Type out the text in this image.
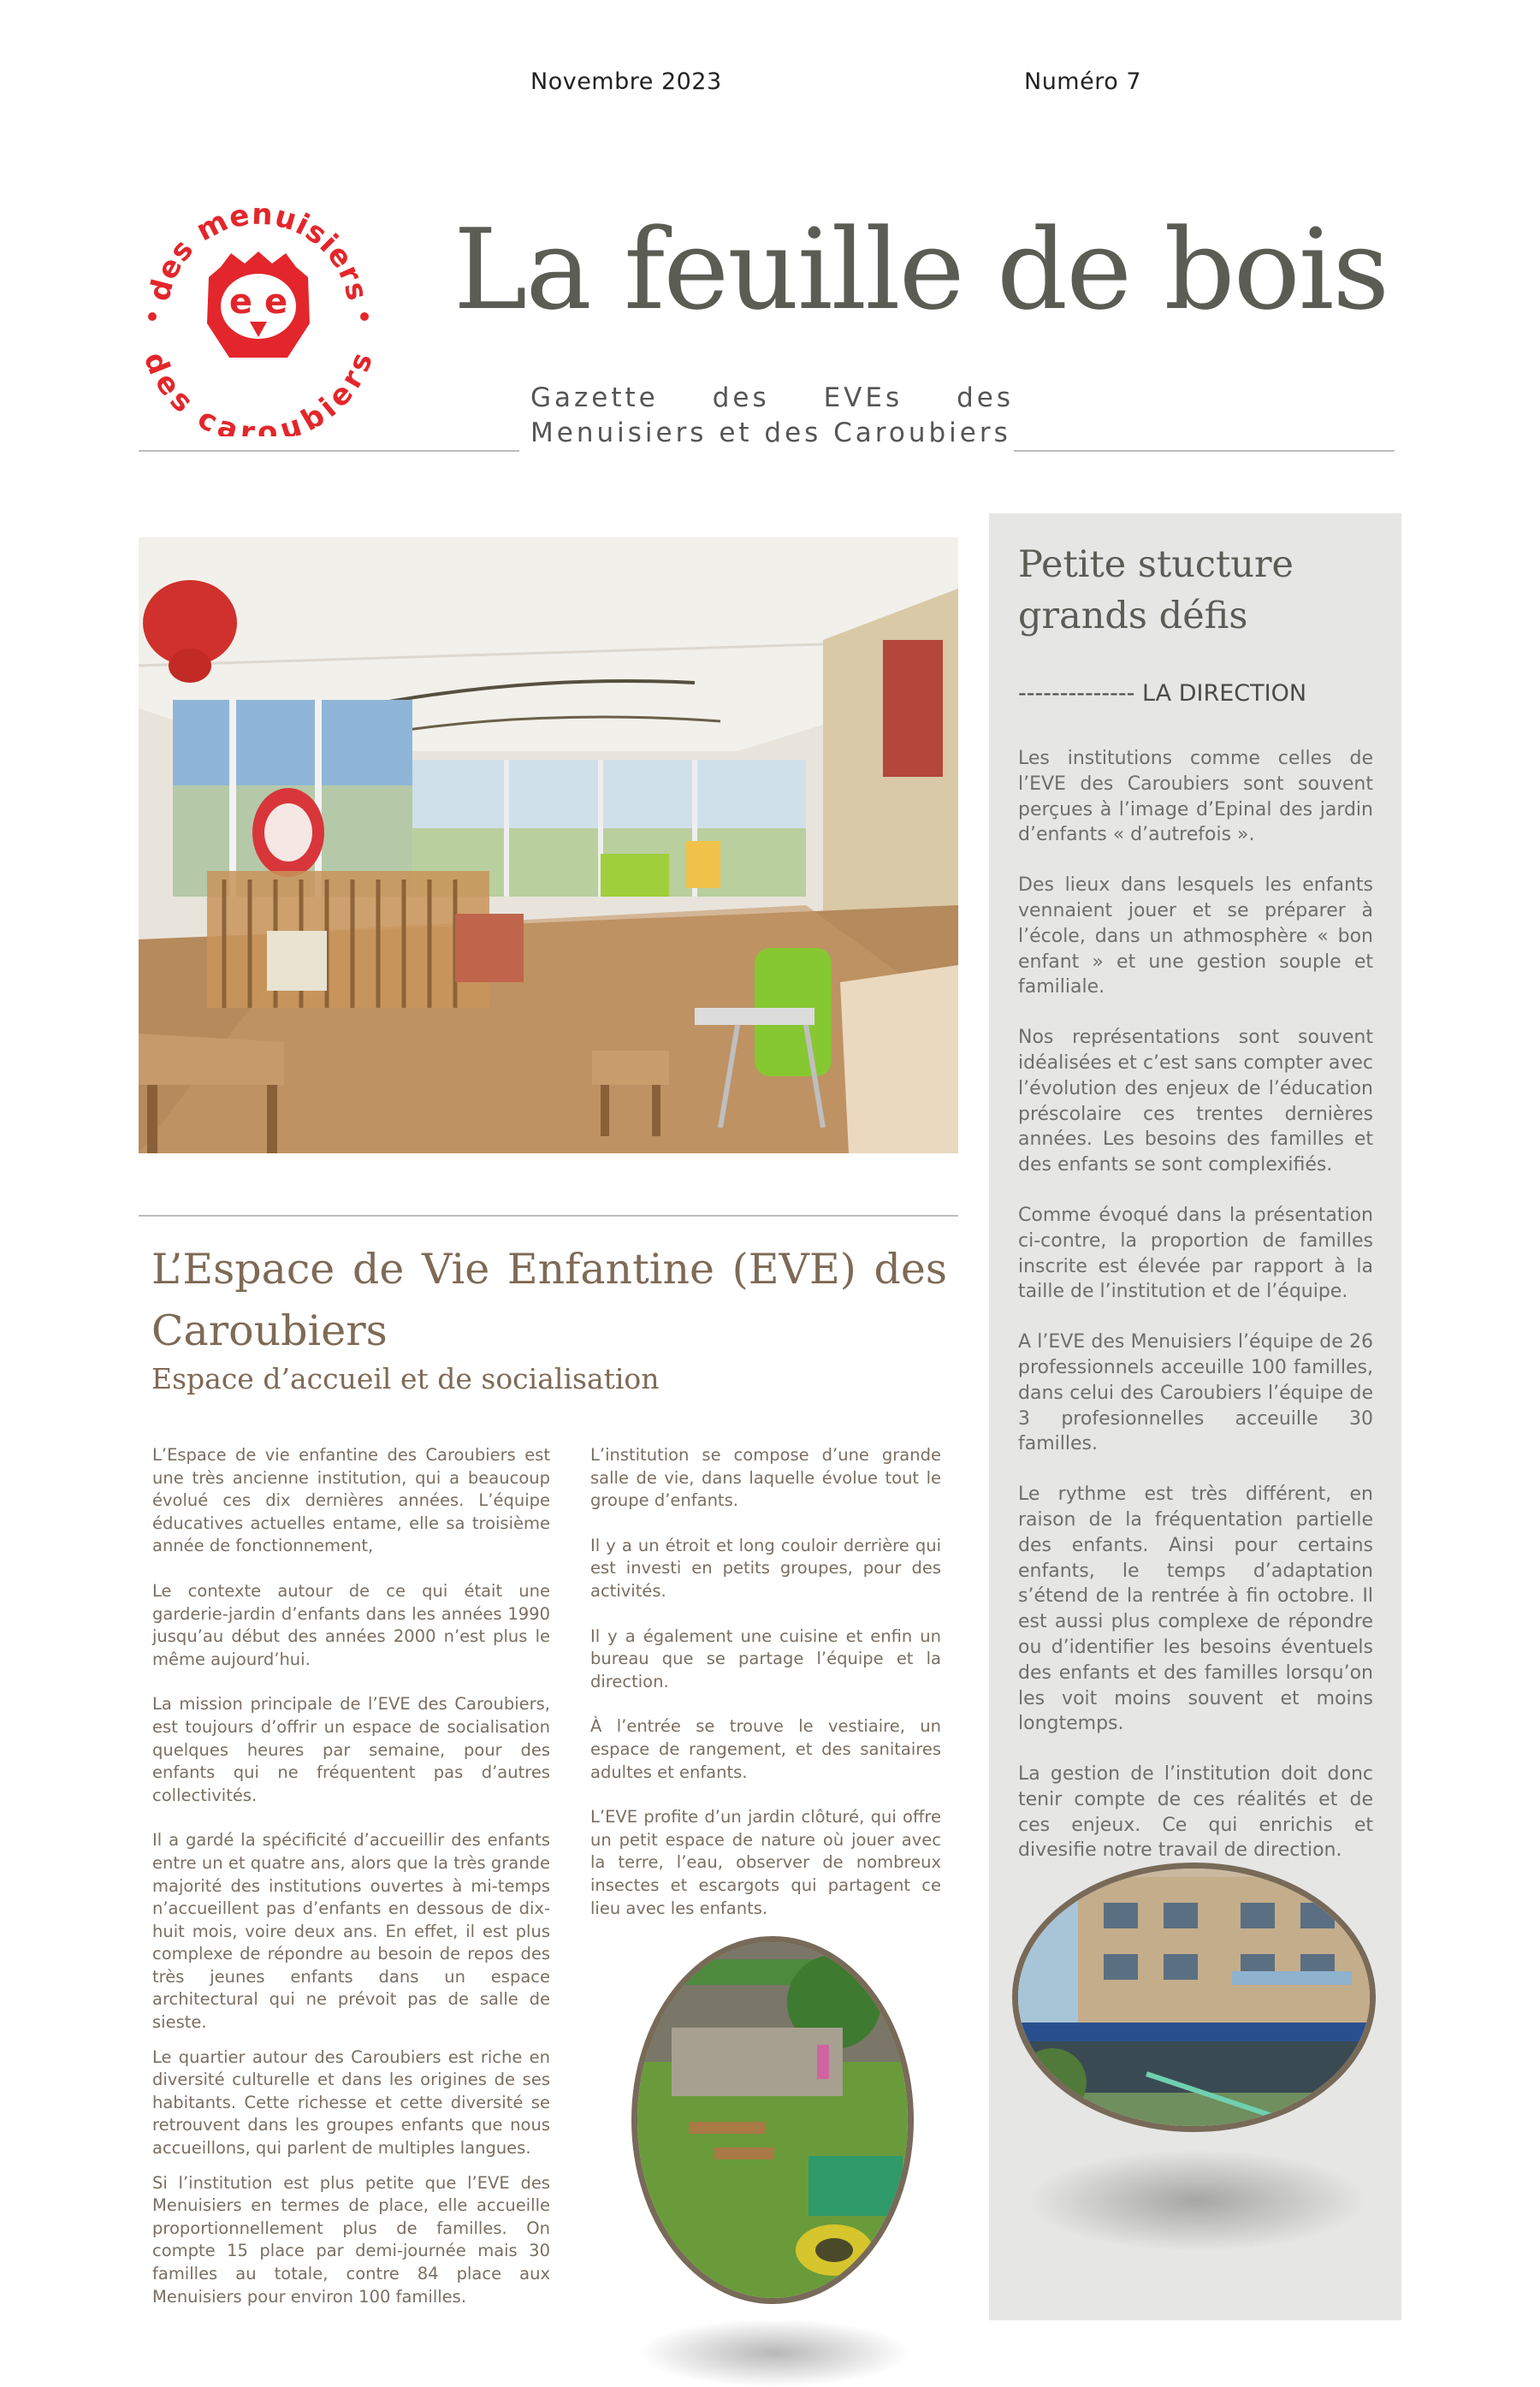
Novembre 2023	Numéro 7
des menuisiers
es caroubier
e e La feuille de bois
Gazette des EVEs des
Menuisiers et des Caroubiers
L’Espace de Vie Enfantine (EVE) des Caroubiers
Espace d’accueil et de socialisation

L’Espace de vie enfantine des Caroubiers est une très ancienne institution, qui a beaucoup évolué ces dix dernières années. L’équipe éducatives actuelles entame, elle sa troisième année de fonctionnement,

Le contexte autour de ce qui était une garderie-jardin d’enfants dans les années 1990 jusqu’au début des années 2000 n’est plus le même aujourd’hui.

La mission principale de l’EVE des Caroubiers, est toujours d’offrir un espace de socialisation quelques heures par semaine, pour des enfants qui ne fréquentent pas d’autres collectivités.

Il a gardé la spécificité d’accueillir des enfants entre un et quatre ans, alors que la très grande majorité des institutions ouvertes à mi-temps n’accueillent pas d’enfants en dessous de dix-huit mois, voire deux ans. En effet, il est plus complexe de répondre au besoin de repos des très jeunes enfants dans un espace architectural qui ne prévoit pas de salle de sieste.

Le quartier autour des Caroubiers est riche en diversité culturelle et dans les origines de ses habitants. Cette richesse et cette diversité se retrouvent dans les groupes enfants que nous accueillons, qui parlent de multiples langues.

Si l’institution est plus petite que l’EVE des Menuisiers en termes de place, elle accueille proportionnellement plus de familles. On compte 15 place par demi-journée mais 30 familles au totale, contre 84 place aux Menuisiers pour environ 100 familles.

L’institution se compose d’une grande salle de vie, dans laquelle évolue tout le groupe d’enfants.

Il y a un étroit et long couloir derrière qui est investi en petits groupes, pour des activités.

Il y a également une cuisine et enfin un bureau que se partage l’équipe et la direction.

À l’entrée se trouve le vestiaire, un espace de rangement, et des sanitaires adultes et enfants.

L’EVE profite d’un jardin clôturé, qui offre un petit espace de nature où jouer avec la terre, l’eau, observer de nombreux insectes et escargots qui partagent ce lieu avec les enfants.

Petite stucture grands défis
-------------- LA DIRECTION

Les institutions comme celles de l’EVE des Caroubiers sont souvent perçues à l’image d’Epinal des jardin d’enfants « d’autrefois ».

Des lieux dans lesquels les enfants vennaient jouer et se préparer à l’école, dans un athmosphère « bon enfant » et une gestion souple et familiale.

Nos représentations sont souvent idéalisées et c’est sans compter avec l’évolution des enjeux de l’éducation préscolaire ces trentes dernières années. Les besoins des familles et des enfants se sont complexifiés.

Comme évoqué dans la présentation ci-contre, la proportion de familles inscrite est élevée par rapport à la taille de l’institution et de l’équipe.

A l’EVE des Menuisiers l’équipe de 26 professionnels acceuille 100 familles, dans celui des Caroubiers l’équipe de 3 profesionnelles acceuille 30 familles.

Le rythme est très différent, en raison de la fréquentation partielle des enfants. Ainsi pour certains enfants, le temps d’adaptation s’étend de la rentrée à fin octobre. Il est aussi plus complexe de répondre ou d’identifier les besoins éventuels des enfants et des familles lorsqu’on les voit moins souvent et moins longtemps.

La gestion de l’institution doit donc tenir compte de ces réalités et de ces enjeux. Ce qui enrichis et divesifie notre travail de direction.
